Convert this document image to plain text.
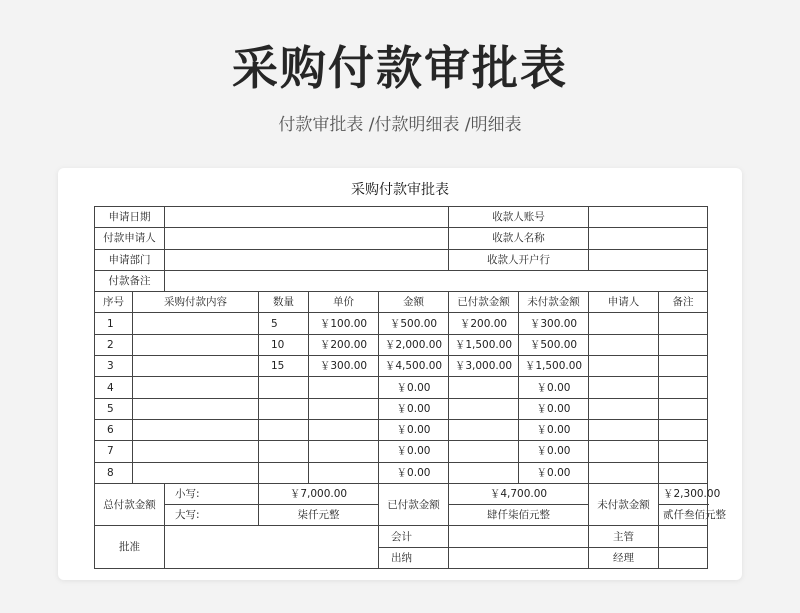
采购付款审批表
付款审批表 /付款明细表 /明细表
采购付款审批表
申请日期						收款人账号				
付款申请人						收款人名称				
申请部门						收款人开户行				
付款备注										
序号	采购付款内容		数量	单价	金额	已付款金额	未付款金额	申请人	备注	
1			5	￥100.00	￥500.00	￥200.00	￥300.00			
2			10	￥200.00	￥2,000.00	￥1,500.00	￥500.00			
3			15	￥300.00	￥4,500.00	￥3,000.00	￥1,500.00			
4					￥0.00		￥0.00			
5					￥0.00		￥0.00			
6					￥0.00		￥0.00			
7					￥0.00		￥0.00			
8					￥0.00		￥0.00			
总付款金额		小写:	￥7,000.00		已付款金额	￥4,700.00		未付款金额	￥2,300.00	
		大写:	柒仟元整			肆仟柒佰元整			贰仟叁佰元整	
批准					会计			主管		
					出纳			经理		
